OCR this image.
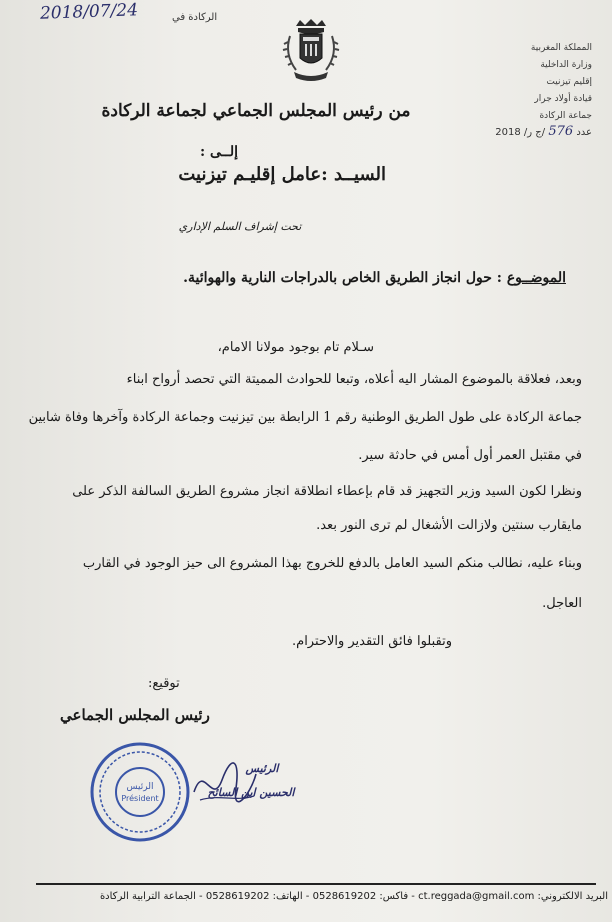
2018/07/24	الركادة في
المملكة المغربية
وزارة الداخلية
إقليم تيزنيت
قيادة أولاد جرار
جماعة الركادة
عدد 576 /ج ر/ 2018
من رئيس المجلس الجماعي لجماعة الركادة
إلــى :
السيــد :عامل إقليـم تيزنيت
تحت إشراف السلم الإداري
الموضــوع : حول انجاز الطريق الخاص بالدراجات النارية والهوائية.
سـلام تام بوجود مولانا الامام،
وبعد، فعلاقة بالموضوع المشار اليه أعلاه، وتبعا للحوادث المميتة التي تحصد أرواح ابناء
جماعة الركادة على طول الطريق الوطنية رقم 1 الرابطة بين تيزنيت وجماعة الركادة وآخرها وفاة شابين
في مقتبل العمر أول أمس في حادثة سير.
ونظرا لكون السيد وزير التجهيز قد قام بإعطاء انطلاقة انجاز مشروع الطريق السالفة الذكر على
مايقارب سنتين ولازالت الأشغال لم ترى النور بعد.
وبناء عليه، نطالب منكم السيد العامل بالدفع للخروج بهذا المشروع الى حيز الوجود في القارب
العاجل.
وتقبلوا فائق التقدير والاحترام.
توقيع:
رئيس المجلس الجماعي
الرئيس
Président
الرئيس
الحسين ابن السائح
البريد الالكتروني: ct.reggada@gmail.com - فاكس: 0528619202 - الهاتف: 0528619202 - الجماعة الترابية الركادة
